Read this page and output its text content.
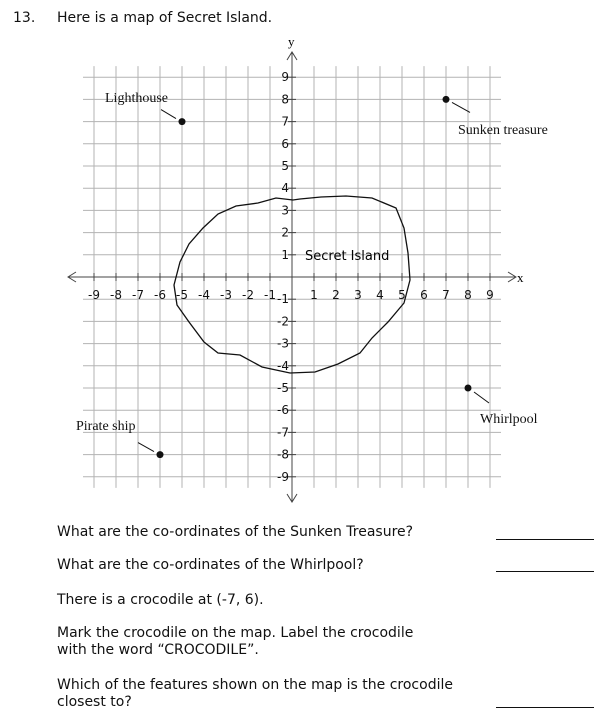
13. Here is a map of Secret Island.
x
y
-9 -8 -7 -6 -5 -4 -3 -2 -1	1 2 3 4 5 6 7 8 9
9
8
7
6
5
4
3
2
1
-1
-2
-3
-4
-5
-6
-7
-8
-9
Lighthouse
Sunken treasure
Whirlpool
Pirate ship
Secret Island
What are the co-ordinates of the Sunken Treasure?
What are the co-ordinates of the Whirlpool?
There is a crocodile at (-7, 6).
Mark the crocodile on the map. Label the crocodile
with the word “CROCODILE”.
Which of the features shown on the map is the crocodile
closest to?
